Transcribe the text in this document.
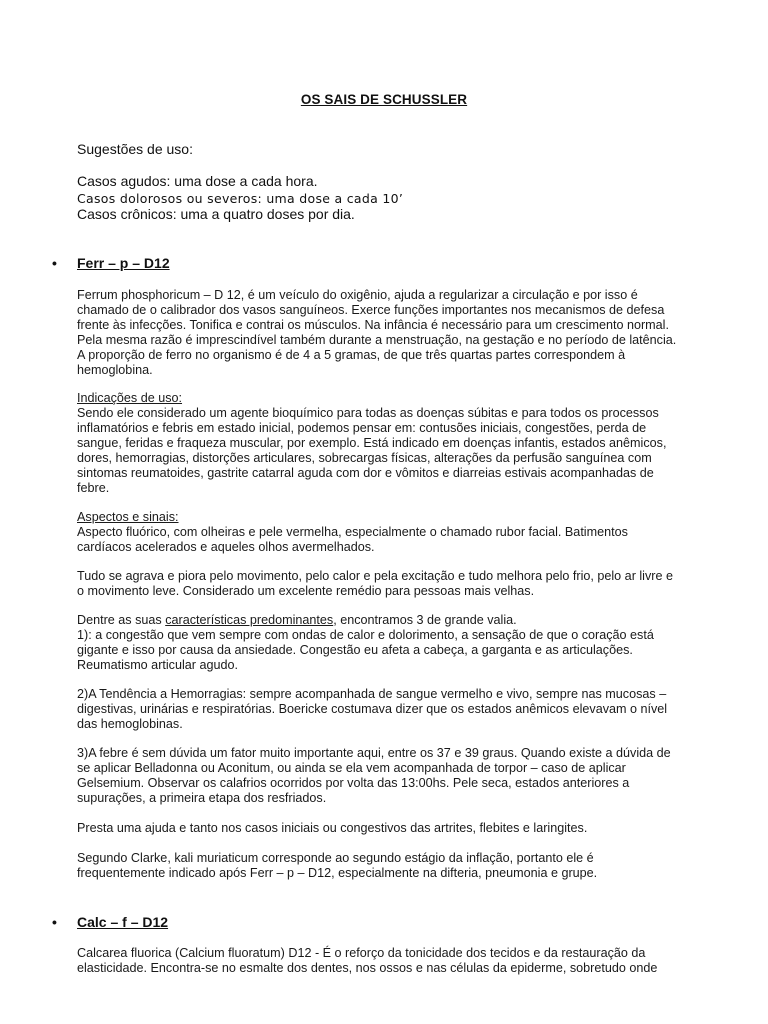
OS SAIS DE SCHUSSLER
Sugestões de uso:
Casos agudos: uma dose a cada hora.
Casos dolorosos ou severos: uma dose a cada 10’
Casos crônicos: uma a quatro doses por dia.
•	Ferr – p – D12
Ferrum phosphoricum – D 12, é um veículo do oxigênio, ajuda a regularizar a circulação e por isso é
chamado de o calibrador dos vasos sanguíneos. Exerce funções importantes nos mecanismos de defesa
frente às infecções. Tonifica e contrai os músculos. Na infância é necessário para um crescimento normal.
Pela mesma razão é imprescindível também durante a menstruação, na gestação e no período de latência.
A proporção de ferro no organismo é de 4 a 5 gramas, de que três quartas partes correspondem à
hemoglobina.
Indicações de uso:
Sendo ele considerado um agente bioquímico para todas as doenças súbitas e para todos os processos
inflamatórios e febris em estado inicial, podemos pensar em: contusões iniciais, congestões, perda de
sangue, feridas e fraqueza muscular, por exemplo. Está indicado em doenças infantis, estados anêmicos,
dores, hemorragias, distorções articulares, sobrecargas físicas, alterações da perfusão sanguínea com
sintomas reumatoides, gastrite catarral aguda com dor e vômitos e diarreias estivais acompanhadas de
febre.
Aspectos e sinais:
Aspecto fluórico, com olheiras e pele vermelha, especialmente o chamado rubor facial. Batimentos
cardíacos acelerados e aqueles olhos avermelhados.
Tudo se agrava e piora pelo movimento, pelo calor e pela excitação e tudo melhora pelo frio, pelo ar livre e
o movimento leve. Considerado um excelente remédio para pessoas mais velhas.
Dentre as suas características predominantes, encontramos 3 de grande valia.
1): a congestão que vem sempre com ondas de calor e dolorimento, a sensação de que o coração está
gigante e isso por causa da ansiedade. Congestão eu afeta a cabeça, a garganta e as articulações.
Reumatismo articular agudo.
2)A Tendência a Hemorragias: sempre acompanhada de sangue vermelho e vivo, sempre nas mucosas –
digestivas, urinárias e respiratórias. Boericke costumava dizer que os estados anêmicos elevavam o nível
das hemoglobinas.
3)A febre é sem dúvida um fator muito importante aqui, entre os 37 e 39 graus. Quando existe a dúvida de
se aplicar Belladonna ou Aconitum, ou ainda se ela vem acompanhada de torpor – caso de aplicar
Gelsemium. Observar os calafrios ocorridos por volta das 13:00hs. Pele seca, estados anteriores a
supurações, a primeira etapa dos resfriados.
Presta uma ajuda e tanto nos casos iniciais ou congestivos das artrites, flebites e laringites.
Segundo Clarke, kali muriaticum corresponde ao segundo estágio da inflação, portanto ele é
frequentemente indicado após Ferr – p – D12, especialmente na difteria, pneumonia e grupe.
•	Calc – f – D12
Calcarea fluorica (Calcium fluoratum) D12 - É o reforço da tonicidade dos tecidos e da restauração da
elasticidade. Encontra-se no esmalte dos dentes, nos ossos e nas células da epiderme, sobretudo onde
